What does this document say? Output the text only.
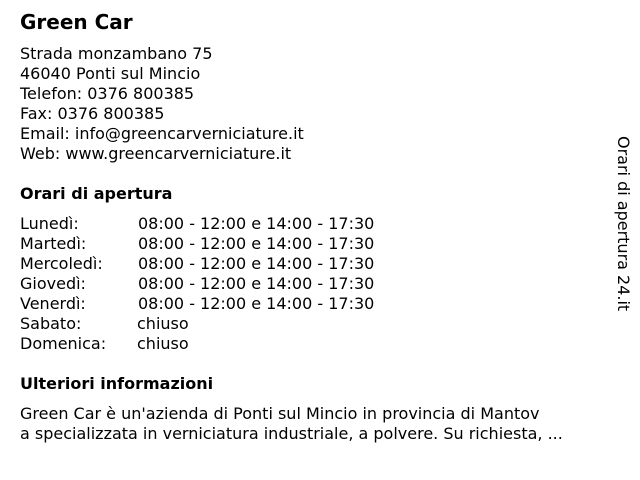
Green Car
Strada monzambano 75
46040 Ponti sul Mincio
Telefon: 0376 800385
Fax: 0376 800385
Email: info@greencarverniciature.it
Web: www.greencarverniciature.it
Orari di apertura
Lunedì:	08:00 - 12:00 e 14:00 - 17:30
Martedì:	08:00 - 12:00 e 14:00 - 17:30
Mercoledì: 08:00 - 12:00 e 14:00 - 17:30
Giovedì:	08:00 - 12:00 e 14:00 - 17:30
Venerdì:	08:00 - 12:00 e 14:00 - 17:30
Sabato:	chiuso
Domenica: chiuso
Ulteriori informazioni
Green Car è un'azienda di Ponti sul Mincio in provincia di Mantov
a specializzata in verniciatura industriale, a polvere. Su richiesta, ...
Orari di apertura 24.it
